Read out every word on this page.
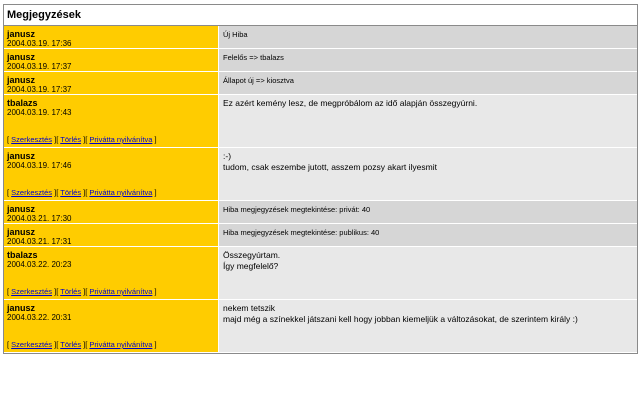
Megjegyzések
janusz
2004.03.19. 17:36
Új Hiba
janusz
2004.03.19. 17:37
Felelős => tbalazs
janusz
2004.03.19. 17:37
Állapot új => kiosztva
tbalazs
2004.03.19. 17:43
[ Szerkesztés ][ Törlés ][ Privátta nyilvánítva ]
Ez azért kemény lesz, de megpróbálom az idő alapján összegyúrni.
janusz
2004.03.19. 17:46
[ Szerkesztés ][ Törlés ][ Privátta nyilvánítva ]
:-)
tudom, csak eszembe jutott, asszem pozsy akart ilyesmit
janusz
2004.03.21. 17:30
Hiba megjegyzések megtekintése: privát: 40
janusz
2004.03.21. 17:31
Hiba megjegyzések megtekintése: publikus: 40
tbalazs
2004.03.22. 20:23
[ Szerkesztés ][ Törlés ][ Privátta nyilvánítva ]
Összegyúrtam.
Így megfelelő?
janusz
2004.03.22. 20:31
[ Szerkesztés ][ Törlés ][ Privátta nyilvánítva ]
nekem tetszik
majd még a színekkel játszani kell hogy jobban kiemeljük a változásokat, de szerintem király :)
